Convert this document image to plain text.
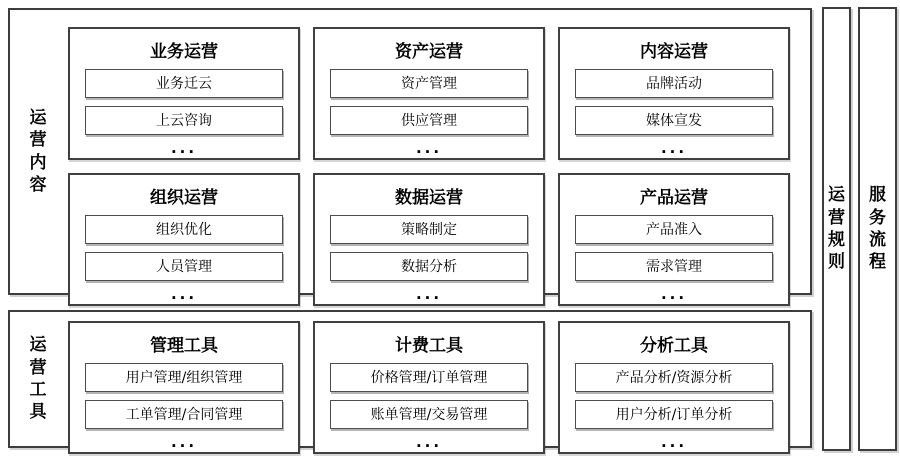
运营内容
业务运营
业务迁云
上云咨询
...
资产运营
资产管理
供应管理
...
内容运营
品牌活动
媒体宣发
...
组织运营
组织优化
人员管理
...
数据运营
策略制定
数据分析
...
产品运营
产品准入
需求管理
...
运营工具
管理工具
用户管理/组织管理
工单管理/合同管理
...
计费工具
价格管理/订单管理
账单管理/交易管理
...
分析工具
产品分析/资源分析
用户分析/订单分析
...
运营规则
服务流程
